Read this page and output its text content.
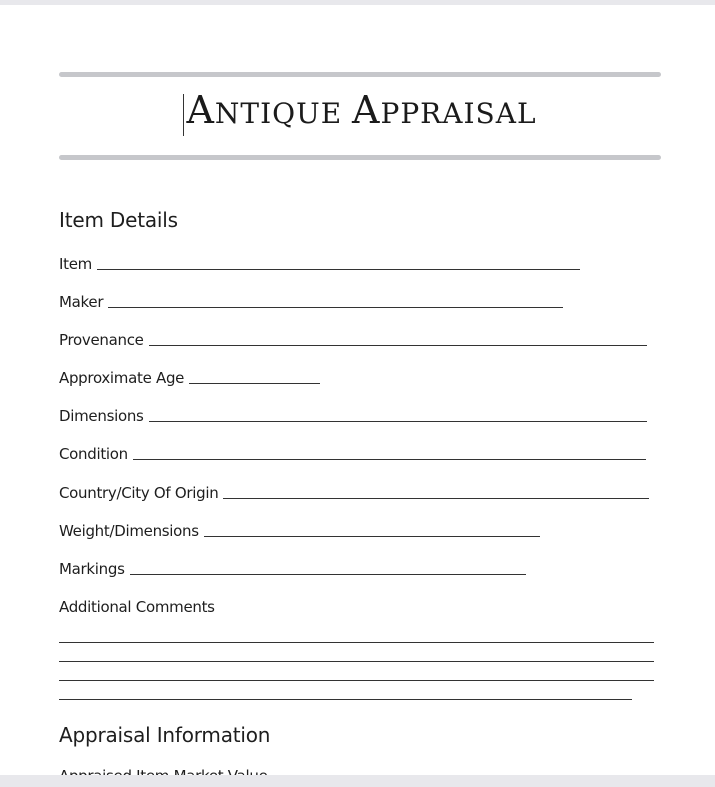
ANTIQUE APPRAISAL
Item Details
Item
Maker
Provenance
Approximate Age
Dimensions
Condition
Country/City Of Origin
Weight/Dimensions
Markings
Additional Comments
Appraisal Information
